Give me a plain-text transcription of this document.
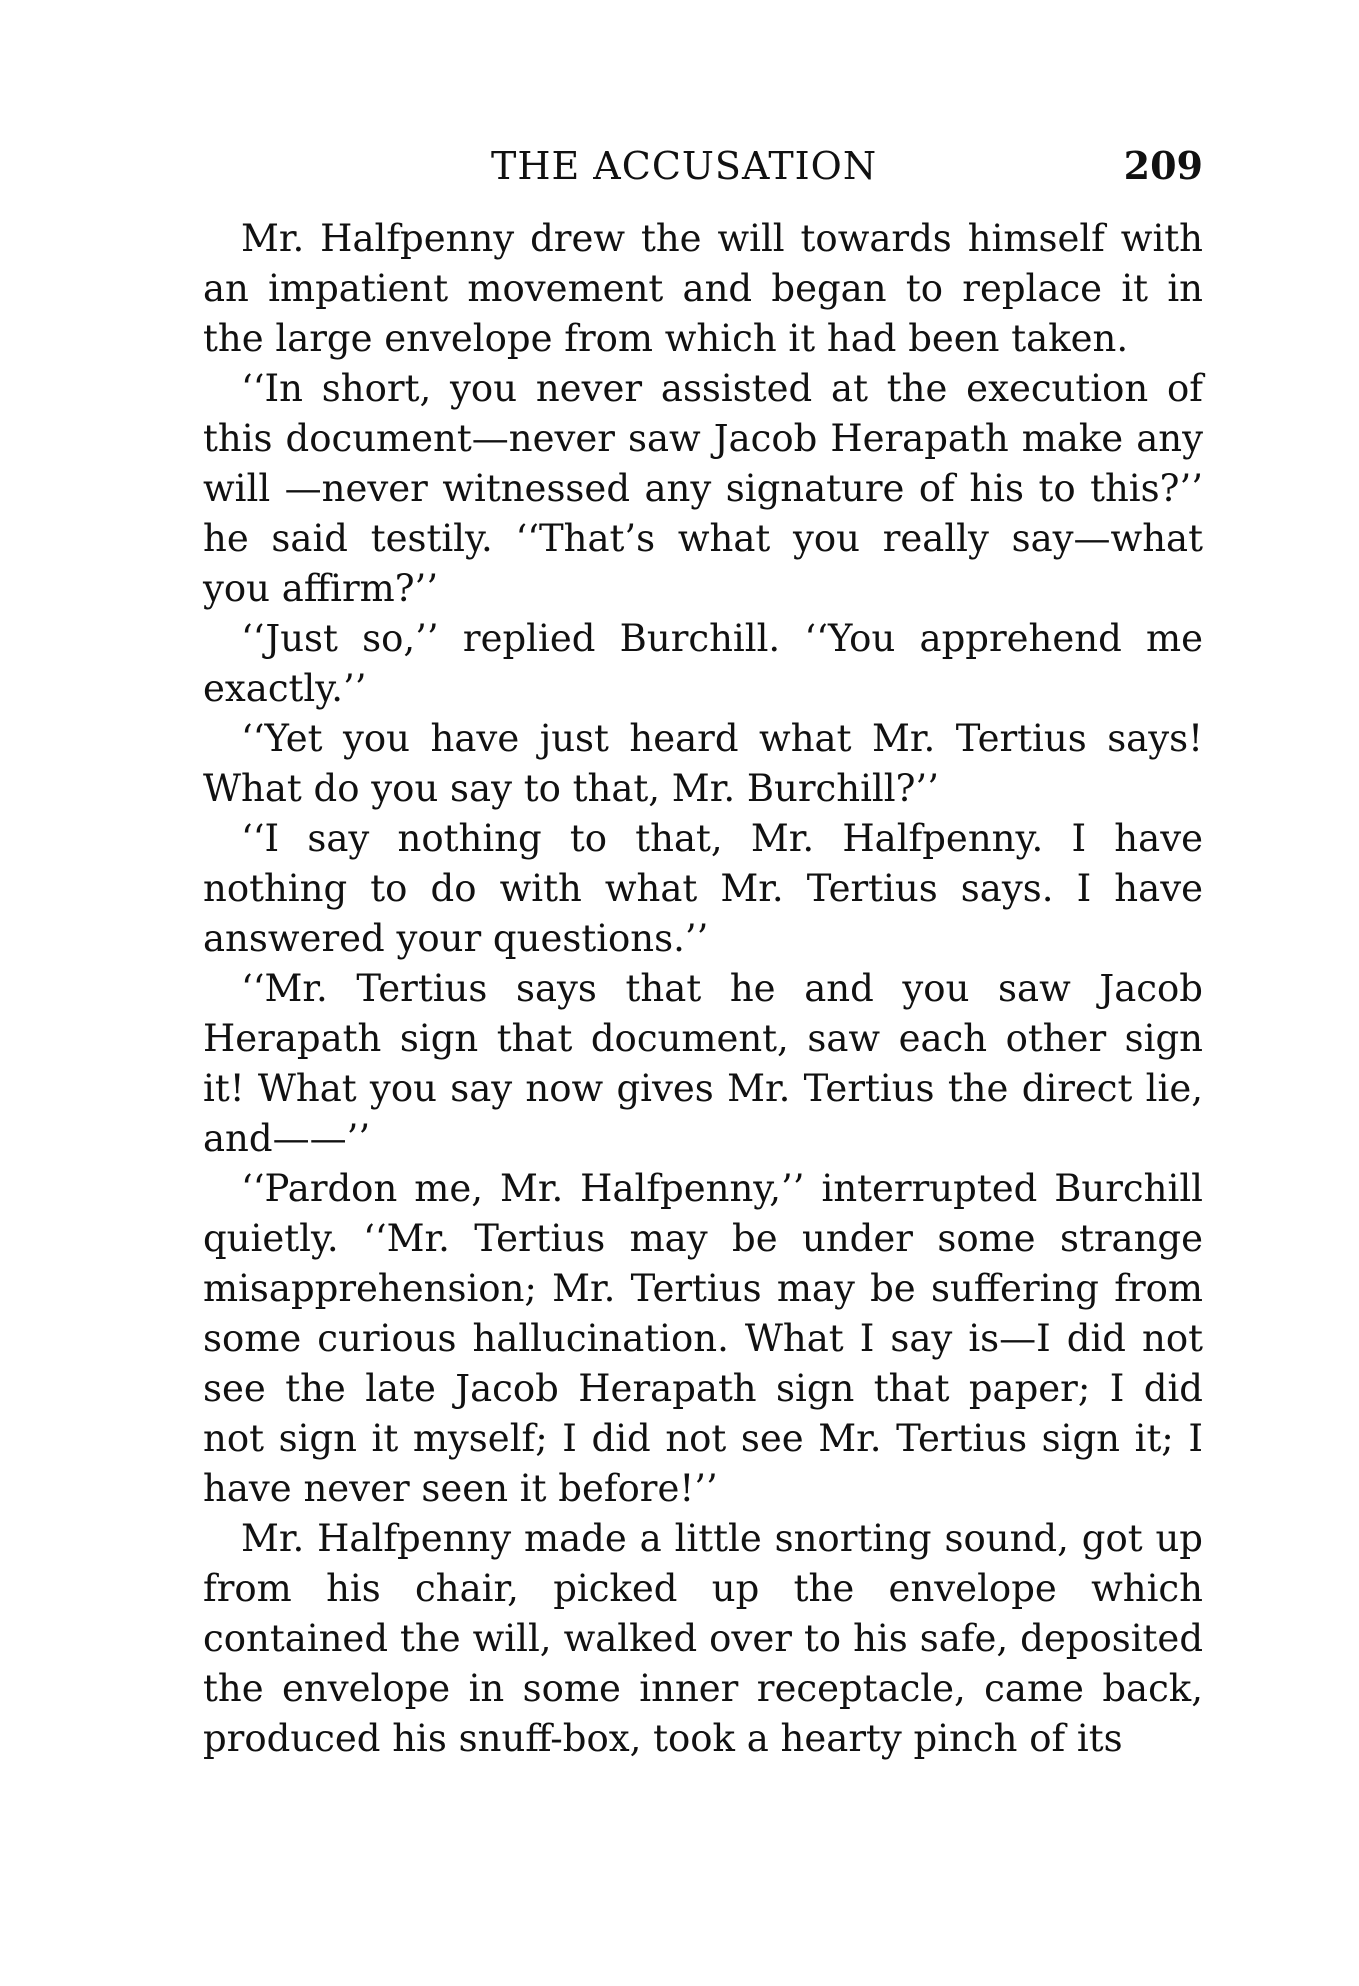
THE ACCUSATION	209

Mr. Halfpenny drew the will towards himself with an impatient movement and began to replace it in the large envelope from which it had been taken.

‘‘In short, you never assisted at the execution of this document—never saw Jacob Herapath make any will —never witnessed any signature of his to this?’’ he said testily. ‘‘That’s what you really say—what you affirm?’’

‘‘Just so,’’ replied Burchill. ‘‘You apprehend me exactly.’’

‘‘Yet you have just heard what Mr. Tertius says! What do you say to that, Mr. Burchill?’’

‘‘I say nothing to that, Mr. Halfpenny. I have nothing to do with what Mr. Tertius says. I have answered your questions.’’

‘‘Mr. Tertius says that he and you saw Jacob Herapath sign that document, saw each other sign it! What you say now gives Mr. Tertius the direct lie, and——’’

‘‘Pardon me, Mr. Halfpenny,’’ interrupted Burchill quietly. ‘‘Mr. Tertius may be under some strange misapprehension; Mr. Tertius may be suffering from some curious hallucination. What I say is—I did not see the late Jacob Herapath sign that paper; I did not sign it myself; I did not see Mr. Tertius sign it; I have never seen it before!’’

Mr. Halfpenny made a little snorting sound, got up from his chair, picked up the envelope which contained the will, walked over to his safe, deposited the envelope in some inner receptacle, came back, produced his snuff-box, took a hearty pinch of its
